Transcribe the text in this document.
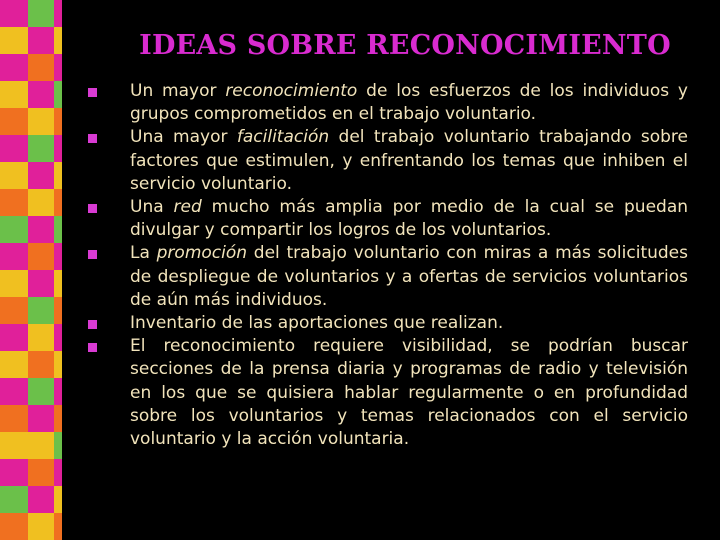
IDEAS SOBRE RECONOCIMIENTO
Un mayor reconocimiento de los esfuerzos de los individuos y grupos comprometidos en el trabajo voluntario.
Una mayor facilitación del trabajo voluntario trabajando sobre factores que estimulen, y enfrentando los temas que inhiben el servicio voluntario.
Una red mucho más amplia por medio de la cual se puedan divulgar y compartir los logros de los voluntarios.
La promoción del trabajo voluntario con miras a más solicitudes de despliegue de voluntarios y a ofertas de servicios voluntarios de aún más individuos.
Inventario de las aportaciones que realizan.
El reconocimiento requiere visibilidad, se podrían buscar secciones de la prensa diaria y programas de radio y televisión en los que se quisiera hablar regularmente o en profundidad sobre los voluntarios y temas relacionados con el servicio voluntario y la acción voluntaria.
